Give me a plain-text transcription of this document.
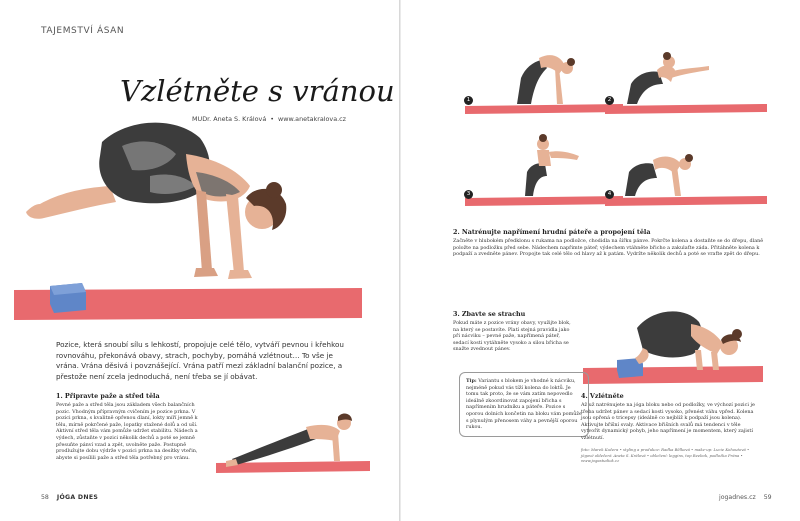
TAJEMSTVÍ ÁSAN
Vzlétněte s vránou
MUDr. Aneta S. Králová • www.anetakralova.cz
Pozice, která snoubí sílu s lehkostí, propojuje celé tělo, vytváří pevnou i křehkou rovnováhu, překonává obavy, strach, pochyby, pomáhá vzlétnout… To vše je vrána. Vrána děsivá i povznášející. Vrána patří mezi základní balanční pozice, a přestože není zcela jednoduchá, není třeba se jí obávat.
1. Připravte paže a střed těla
Pevné paže a střed těla jsou základem všech balančních pozic. Vhodným přípravným cvičením je pozice prkna. V pozici prkna, s kvalitně opřenou dlaní, lokty míří jemně k tělu, mírně pokrčené paže, lopatky stažené dolů a od uší. Aktivní střed těla vám pomůže udržet stabilitu. Nádech a výdech, zůstaňte v pozici několik dechů a poté se jemně přesuňte pánví vzad a zpět, uvolněte paže. Postupně prodlužujte dobu výdrže v pozici prkna na desítky vteřin, abyste si posílili paže a střed těla potřebný pro vránu.
58 JÓGA DNES
1	2
3	4
2. Natrénujte napřímení hrudní páteře a propojení těla
Začněte v hlubokém předklonu s rukama na podložce, chodidla na šířku pánve. Pokrčte kolena a dostaňte se do dřepu, dlaně položte na podložku před sebe. Nádechem napřimte páteř, výdechem vtáhněte břicho a zakulaťte záda. Přitáhněte kolena k podpaží a zvedněte pánev. Propojte tak celé tělo od hlavy až k patám. Vydržte několik dechů a poté se vraťte zpět do dřepu.
3. Zbavte se strachu
Pokud máte z pozice vrány obavy, využijte blok, na který se postavíte. Platí stejná pravidla jako při nácviku – pevné paže, napřímená páteř, sedací kosti vytáhněte vysoko a silou břicha se snažte zvednout pánev.
Tip: Variantu s blokem je vhodné k nácviku, nejméně pokud vás tíží kolena do loktů. Je tomu tak proto, že se vám zatím nepovedlo ideálně zkoordinovat zapojení břicha s napřímením hrudníku a páteře. Pozice s oporou dolních končetin na bloku vám pomůže s plynulým přenosem váhy a pevnější oporou rukou.
4. Vzlétněte
Až už natrénujete na jóga bloku nebo od podložky, ve výchozí pozici je třeba udržet pánev a sedací kosti vysoko, přenést váhu vpřed. Kolena jsou opřená o tricepsy (ideálně co nejblíž k podpaží jsou kolena). Aktivujte břišní svaly. Aktivace břišních svalů má tendenci v těle vytvořit dynamický pohyb, jeho napřímení je momentem, který zajistí vzlétnutí.
foto: Marek Kučera • styling a produkce: Radka Bělková • make-up: Lucie Kohoutová • jógové oblečení: Aneta S. Králová • oblečení: leggins, top Reebok, podložka Prána • www.jogastudiok.cz
jogadnes.cz 59
